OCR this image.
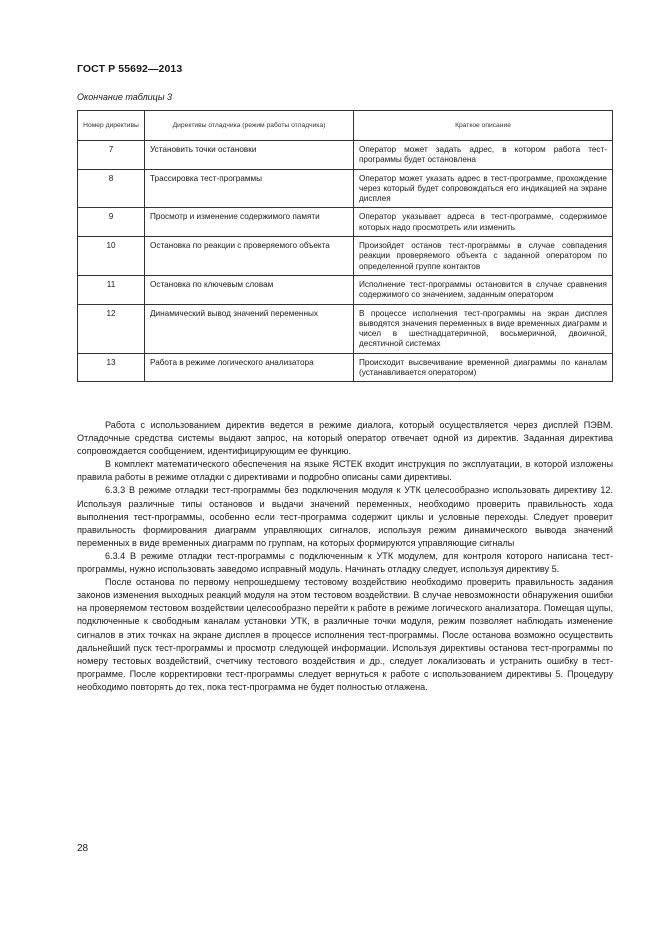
ГОСТ Р 55692—2013
Окончание таблицы 3
Номер директивы	Директивы отладчика (режим работы отладчика)	Краткое описание
7	Установить точки остановки	Оператор может задать адрес, в котором работа тест-программы будет остановлена
8	Трассировка тест-программы	Оператор может указать адрес в тест-программе, прохождение через который будет сопровождаться его индикацией на экране дисплея
9	Просмотр и изменение содержимого памяти	Оператор указывает адреса в тест-программе, содержимое которых надо просмотреть или изменить
10	Остановка по реакции с проверяемого объекта	Произойдет останов тест-программы в случае совпадения реакции проверяемого объекта с заданной оператором по определенной группе контактов
11	Остановка по ключевым словам	Исполнение тест-программы остановится в случае сравнения содержимого со значением, заданным оператором
12	Динамический вывод значений переменных	В процессе исполнения тест-программы на экран дисплея выводятся значения переменных в виде временных диаграмм и чисел в шестнадцатеричной, восьмеричной, двоичной, десятичной системах
13	Работа в режиме логического анализатора	Происходит высвечивание временной диаграммы по каналам (устанавливается оператором)

Работа с использованием директив ведется в режиме диалога, который осуществляется через дисплей ПЭВМ. Отладочные средства системы выдают запрос, на который оператор отвечает одной из директив. Заданная директива сопровождается сообщением, идентифицирующим ее функцию.

В комплект математического обеспечения на языке ЯСТЕК входит инструкция по эксплуатации, в которой изложены правила работы в режиме отладки с директивами и подробно описаны сами директивы.

6.3.3 В режиме отладки тест-программы без подключения модуля к УТК целесообразно использовать директиву 12. Используя различные типы остановов и выдачи значений переменных, необходимо проверить правильность хода выполнения тест-программы, особенно если тест-программа содержит циклы и условные переходы. Следует проверит правильность формирования диаграмм управляющих сигналов, используя режим динамического вывода значений переменных в виде временных диаграмм по группам, на которых формируются управляющие сигналы

6.3.4 В режиме отладки тест-программы с подключенным к УТК модулем, для контроля которого написана тест-программы, нужно использовать заведомо исправный модуль. Начинать отладку следует, используя директиву 5.

После останова по первому непрошедшему тестовому воздействию необходимо проверить правильность задания законов изменения выходных реакций модуля на этом тестовом воздействии. В случае невозможности обнаружения ошибки на проверяемом тестовом воздействии целесообразно перейти к работе в режиме логического анализатора. Помещая щупы, подключенные к свободным каналам установки УТК, в различные точки модуля, режим позволяет наблюдать изменение сигналов в этих точках на экране дисплея в процессе исполнения тест-программы. После останова возможно осуществить дальнейший пуск тест-программы и просмотр следующей информации. Используя директивы останова тест-программы по номеру тестовых воздействий, счетчику тестового воздействия и др., следует локализовать и устранить ошибку в тест-программе. После корректировки тест-программы следует вернуться к работе с использованием директивы 5. Процедуру необходимо повторять до тех, пока тест-программа не будет полностью отлажена.

28
